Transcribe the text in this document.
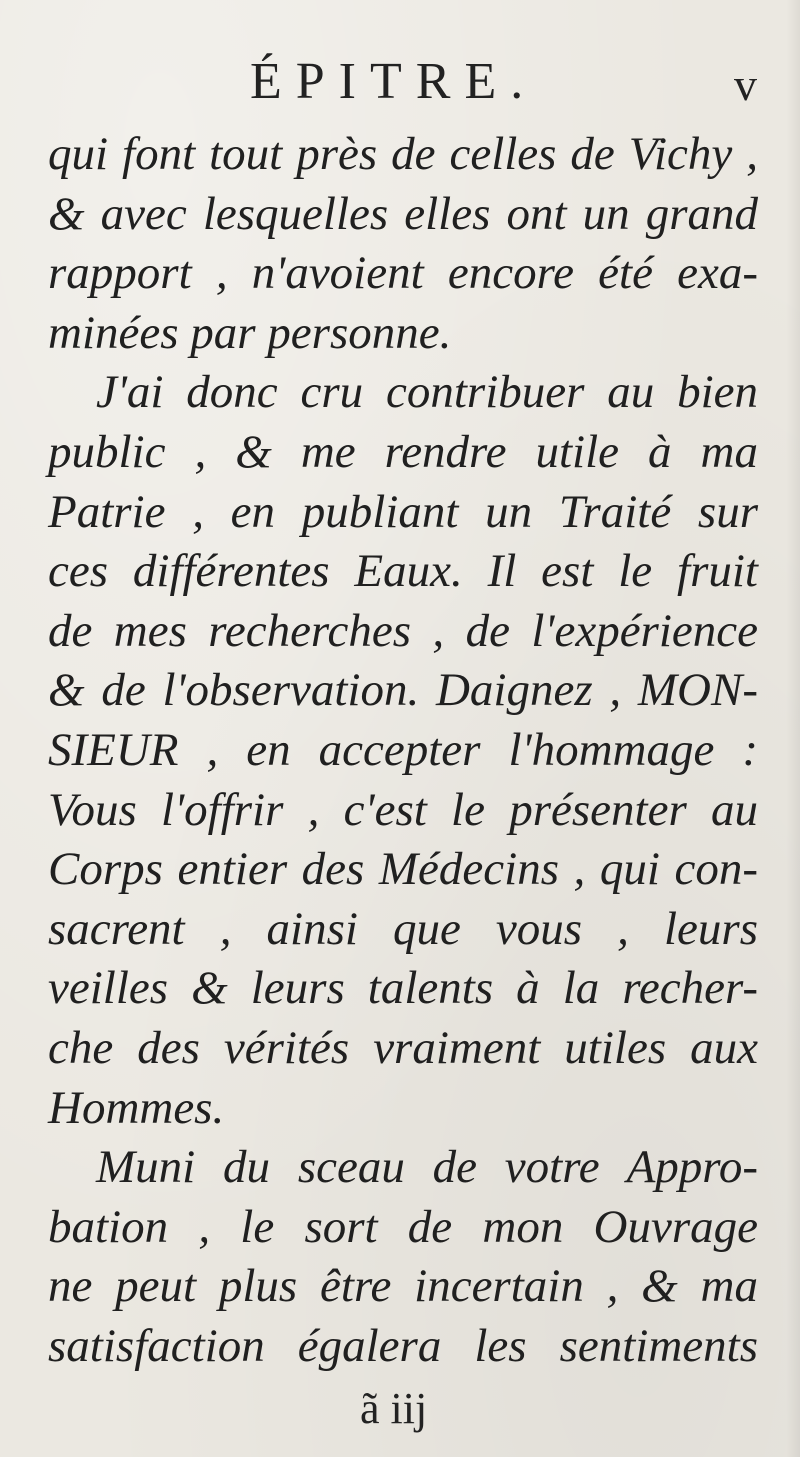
ÉPITRE.	v
qui font tout près de celles de Vichy ,
& avec lesquelles elles ont un grand
rapport , n'avoient encore été exa-
minées par personne.
J'ai donc cru contribuer au bien
public , & me rendre utile à ma
Patrie , en publiant un Traité sur
ces différentes Eaux. Il est le fruit
de mes recherches , de l'expérience
& de l'observation. Daignez , MON-
SIEUR , en accepter l'hommage :
Vous l'offrir , c'est le présenter au
Corps entier des Médecins , qui con-
sacrent , ainsi que vous , leurs
veilles & leurs talents à la recher-
che des vérités vraiment utiles aux
Hommes.
Muni du sceau de votre Appro-
bation , le sort de mon Ouvrage
ne peut plus être incertain , & ma
satisfaction égalera les sentiments
ã iij
